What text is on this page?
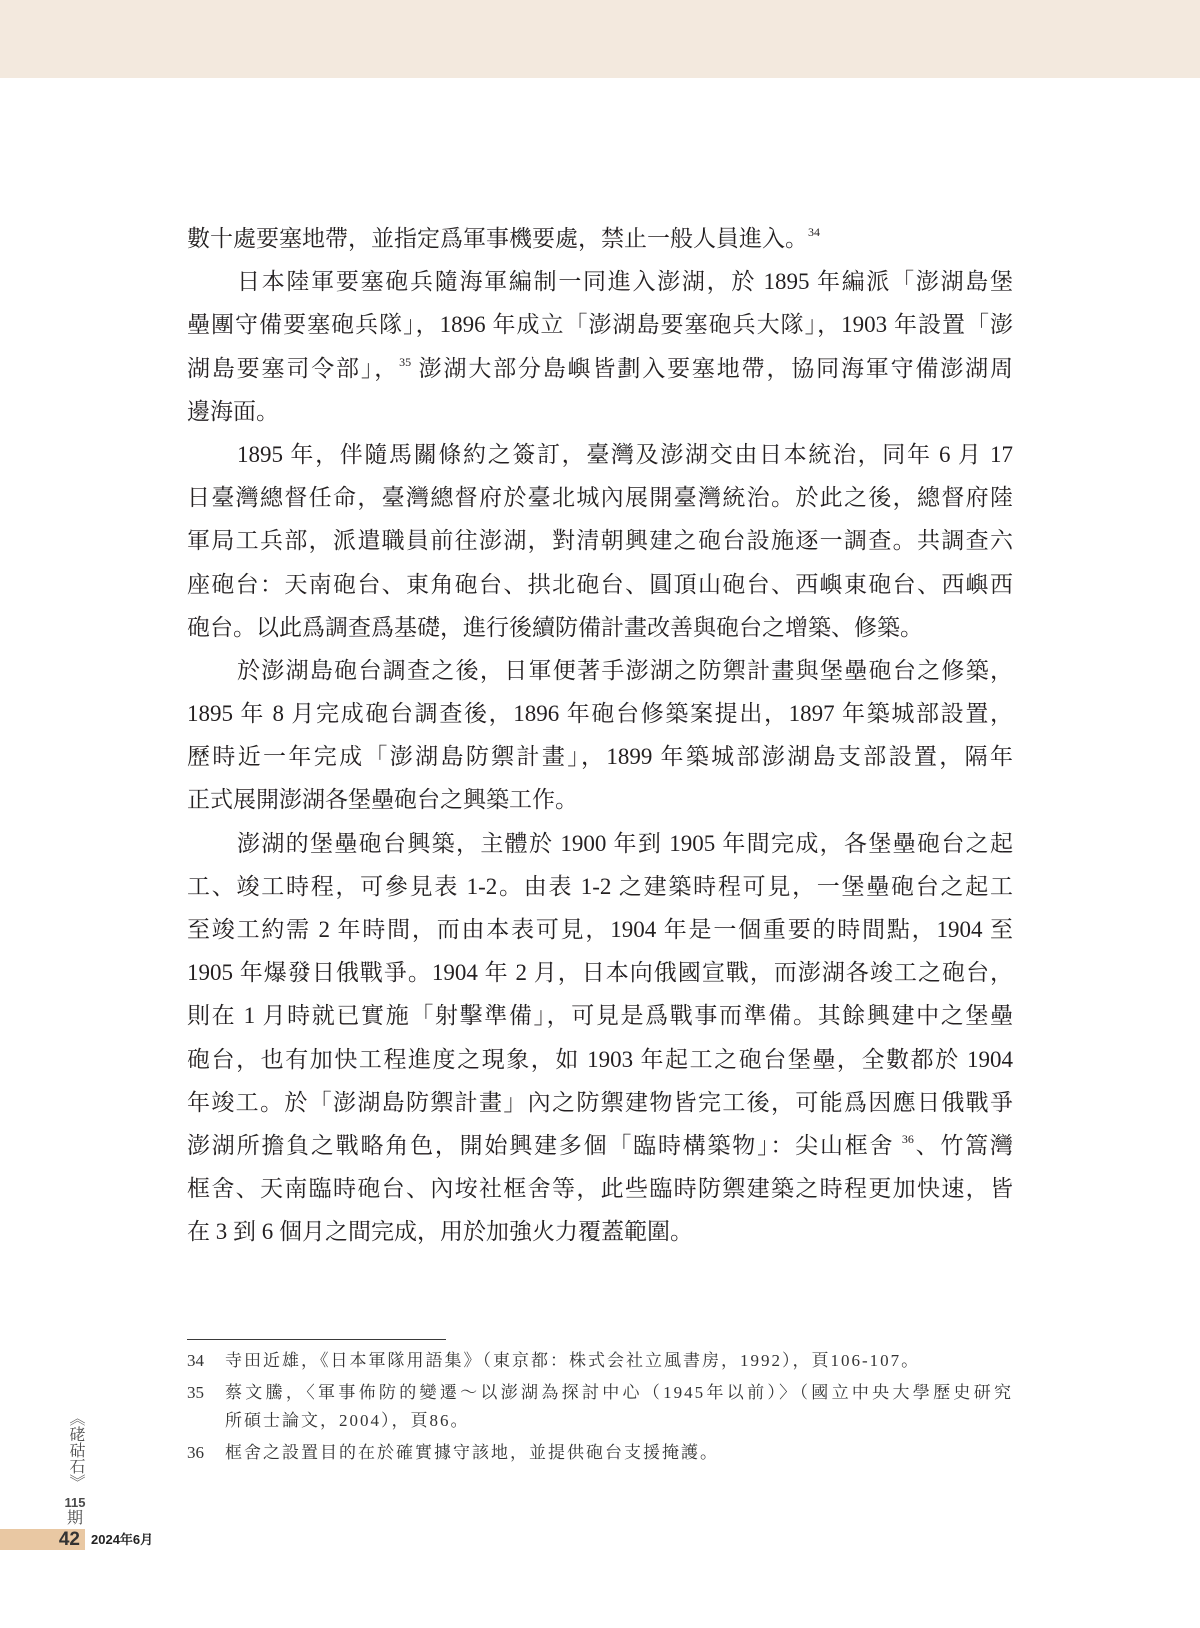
數十處要塞地帶，並指定爲軍事機要處，禁止一般人員進入。$^{34}$
日本陸軍要塞砲兵隨海軍編制一同進入澎湖，於 1895 年編派「澎湖島堡
壘團守備要塞砲兵隊」，1896 年成立「澎湖島要塞砲兵大隊」，1903 年設置「澎
湖島要塞司令部」，$^{35}$ 澎湖大部分島嶼皆劃入要塞地帶，協同海軍守備澎湖周
邊海面。
1895 年，伴隨馬關條約之簽訂，臺灣及澎湖交由日本統治，同年 6 月 17
日臺灣總督任命，臺灣總督府於臺北城內展開臺灣統治。於此之後，總督府陸
軍局工兵部，派遣職員前往澎湖，對清朝興建之砲台設施逐一調查。共調查六
座砲台：天南砲台、東角砲台、拱北砲台、圓頂山砲台、西嶼東砲台、西嶼西
砲台。以此爲調查爲基礎，進行後續防備計畫改善與砲台之增築、修築。
於澎湖島砲台調查之後，日軍便著手澎湖之防禦計畫與堡壘砲台之修築，
1895 年 8 月完成砲台調查後，1896 年砲台修築案提出，1897 年築城部設置，
歷時近一年完成「澎湖島防禦計畫」，1899 年築城部澎湖島支部設置，隔年
正式展開澎湖各堡壘砲台之興築工作。
澎湖的堡壘砲台興築，主體於 1900 年到 1905 年間完成，各堡壘砲台之起
工、竣工時程，可參見表 1-2。由表 1-2 之建築時程可見，一堡壘砲台之起工
至竣工約需 2 年時間，而由本表可見，1904 年是一個重要的時間點，1904 至
1905 年爆發日俄戰爭。1904 年 2 月，日本向俄國宣戰，而澎湖各竣工之砲台，
則在 1 月時就已實施「射擊準備」，可見是爲戰事而準備。其餘興建中之堡壘
砲台，也有加快工程進度之現象，如 1903 年起工之砲台堡壘，全數都於 1904
年竣工。於「澎湖島防禦計畫」內之防禦建物皆完工後，可能爲因應日俄戰爭
澎湖所擔負之戰略角色，開始興建多個「臨時構築物」：尖山框舍 $^{36}$、竹篙灣
框舍、天南臨時砲台、內垵社框舍等，此些臨時防禦建築之時程更加快速，皆
在 3 到 6 個月之間完成，用於加強火力覆蓋範圍。
34 寺田近雄，《日本軍隊用語集》（東京都：株式会社立風書房，1992），頁106-107。
35 蔡文騰，〈軍事佈防的變遷～以澎湖為探討中心（1945年以前）〉（國立中央大學歷史研究
所碩士論文，2004），頁86。
36 框舍之設置目的在於確實據守該地，並提供砲台支援掩護。
《硓𥑮石》
115
期
42 2024年6月
